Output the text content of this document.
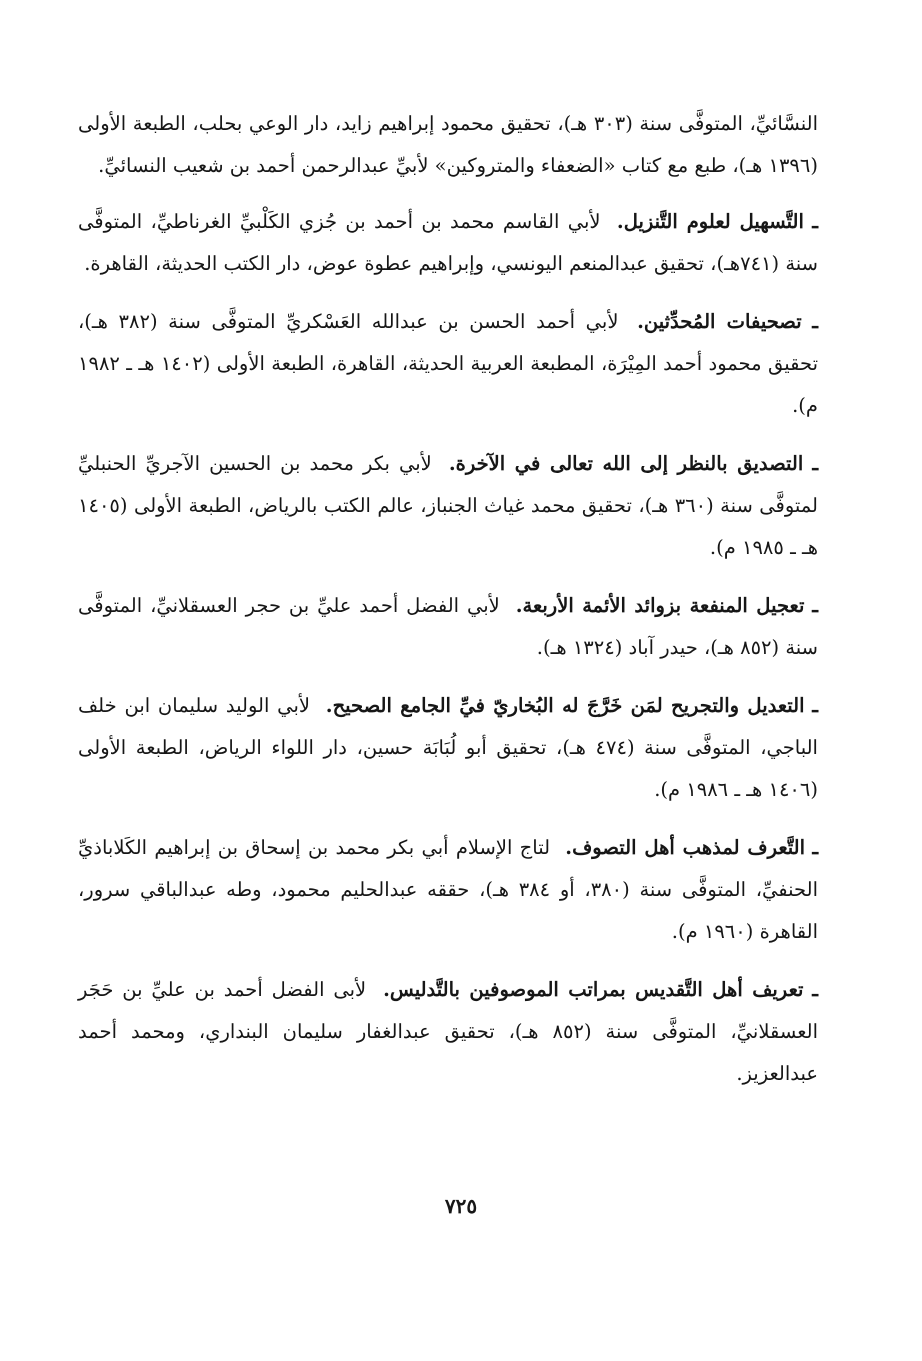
النسَّائيِّ، المتوفَّى سنة (٣٠٣ هـ)، تحقيق محمود إبراهيم زايد، دار الوعي بحلب، الطبعة الأولى (١٣٩٦ هـ)، طبع مع كتاب «الضعفاء والمتروكين» لأبيِّ عبدالرحمن أحمد بن شعيب النسائيِّ.

ـ التَّسهيل لعلوم التَّنزيل. لأبي القاسم محمد بن أحمد بن جُزي الكَلْبيِّ الغرناطيِّ، المتوفَّى سنة (٧٤١هـ)، تحقيق عبدالمنعم اليونسي، وإبراهيم عطوة عوض، دار الكتب الحديثة، القاهرة.

ـ تصحيفات المُحدِّثين. لأبي أحمد الحسن بن عبدالله العَسْكريِّ المتوفَّى سنة (٣٨٢ هـ)، تحقيق محمود أحمد المِيْرَة، المطبعة العربية الحديثة، القاهرة، الطبعة الأولى (١٤٠٢ هـ ـ ١٩٨٢ م).

ـ التصديق بالنظر إلى الله تعالى في الآخرة. لأبي بكر محمد بن الحسين الآجريِّ الحنبليِّ لمتوفَّى سنة (٣٦٠ هـ)، تحقيق محمد غياث الجنباز، عالم الكتب بالرياض، الطبعة الأولى (١٤٠٥ هـ ـ ١٩٨٥ م).

ـ تعجيل المنفعة بزوائد الأئمة الأربعة. لأبي الفضل أحمد عليِّ بن حجر العسقلانيِّ، المتوفَّى سنة (٨٥٢ هـ)، حيدر آباد (١٣٢٤ هـ).

ـ التعديل والتجريح لمَن خَرَّجَ له البُخاريّ فيِّ الجامع الصحيح. لأبي الوليد سليمان ابن خلف الباجي، المتوفَّى سنة (٤٧٤ هـ)، تحقيق أبو لُبَابَة حسين، دار اللواء الرياض، الطبعة الأولى (١٤٠٦ هـ ـ ١٩٨٦ م).

ـ التَّعرف لمذهب أهل التصوف. لتاج الإسلام أبي بكر محمد بن إسحاق بن إبراهيم الكَلاباذيِّ الحنفيِّ، المتوفَّى سنة (٣٨٠، أو ٣٨٤ هـ)، حققه عبدالحليم محمود، وطه عبدالباقي سرور، القاهرة (١٩٦٠ م).

ـ تعريف أهل التَّقديس بمراتب الموصوفين بالتَّدليس. لأبى الفضل أحمد بن عليِّ بن حَجَر العسقلانيِّ، المتوفَّى سنة (٨٥٢ هـ)، تحقيق عبدالغفار سليمان البنداري، ومحمد أحمد عبدالعزيز.

٧٢٥
